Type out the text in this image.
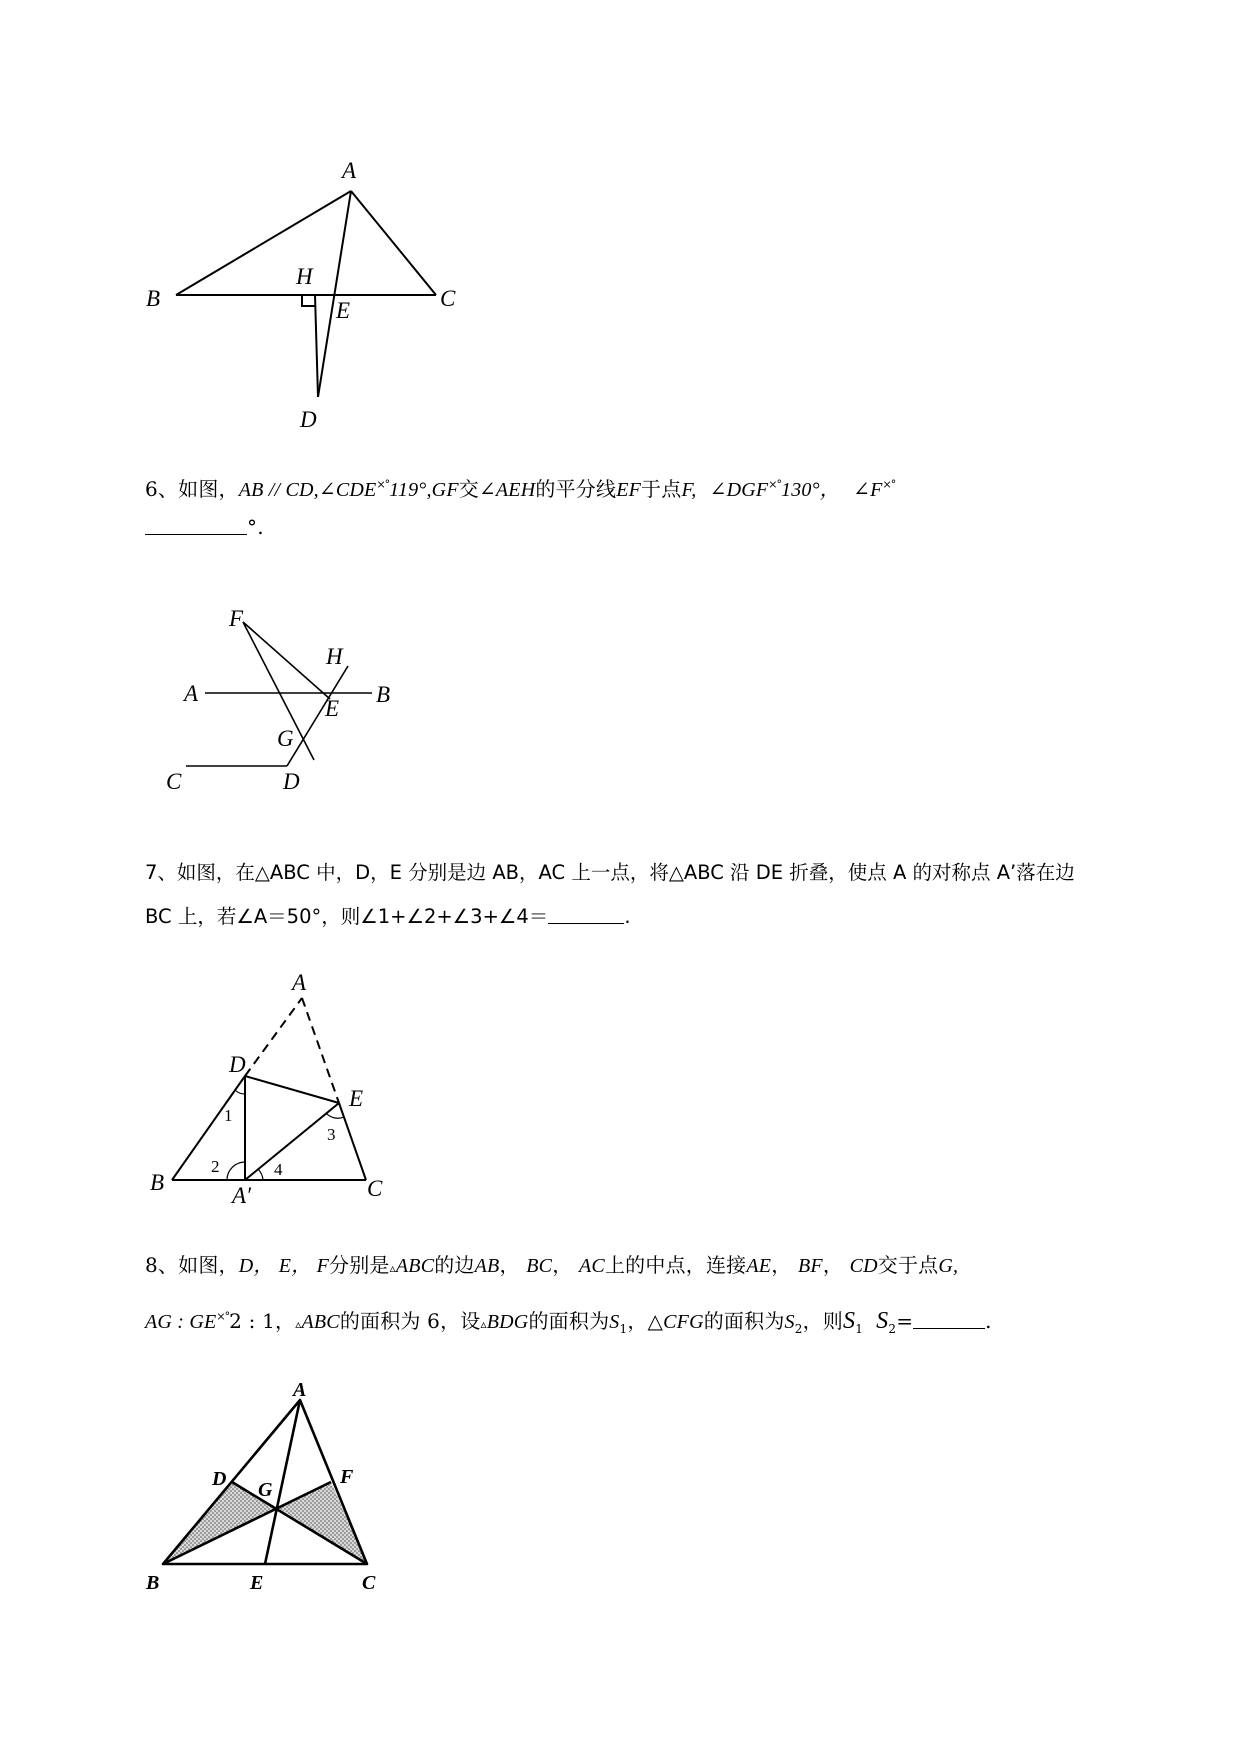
A
B	C
H
E
D
6、如图，AB // CD,∠CDE×°119°,GF交∠AEH的平分线EF于点F, ∠DGF×°130°， ∠F×°
°.
F
H
A	B
E
G
C	D
7、如图，在△ABC 中，D，E 分别是边 AB，AC 上一点，将△ABC 沿 DE 折叠，使点 A 的对称点 A’落在边
BC 上，若∠A＝50°，则∠1+∠2+∠3+∠4＝	.
A
D
E
B
A′	C
1
2
3
4
8、如图，D， E， F分别是▵ABC的边AB， BC， AC上的中点，连接AE， BF， CD交于点G,
AG : GE×°2 : 1，▵ABC的面积为 6，设▵BDG的面积为$S_1$，△CFG的面积为$S_2$，则$S_1$ $S_2=$	.
A
D G
F
B	E	C
